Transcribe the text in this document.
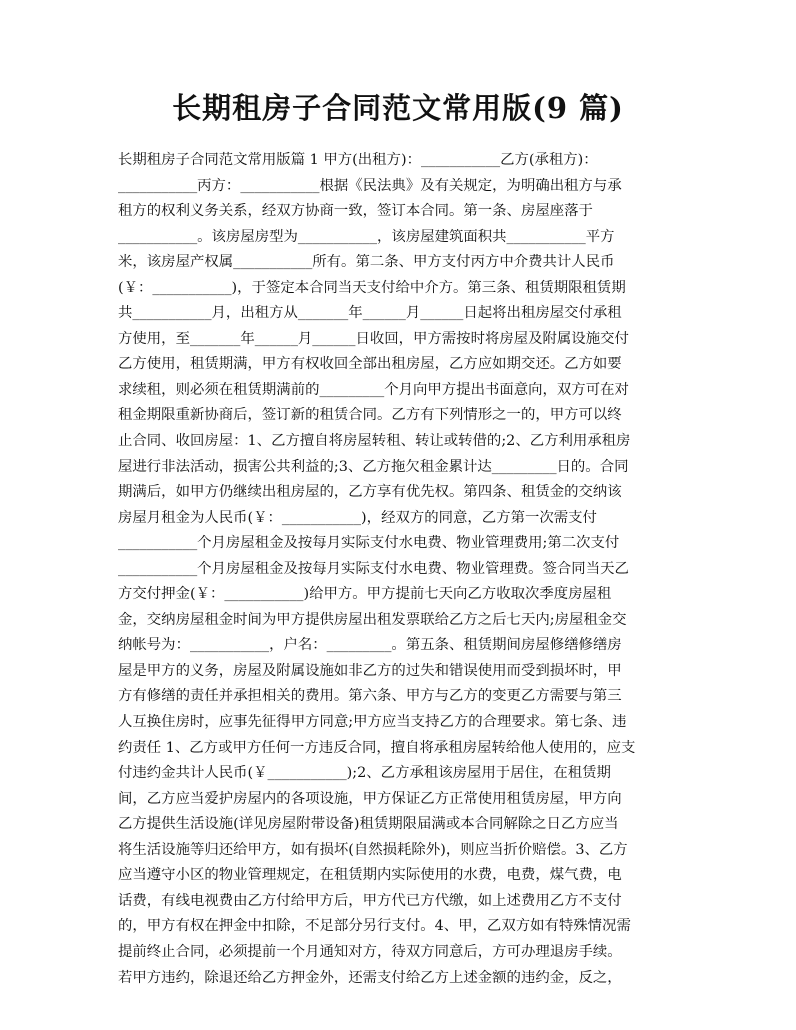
长期租房子合同范文常用版(9 篇)
长期租房子合同范文常用版篇 1 甲方(出租方)：___________乙方(承租方)：
___________丙方：___________根据《民法典》及有关规定，为明确出租方与承
租方的权利义务关系，经双方协商一致，签订本合同。第一条、房屋座落于
___________。该房屋房型为___________，该房屋建筑面积共___________平方
米，该房屋产权属___________所有。第二条、甲方支付丙方中介费共计人民币
(￥：___________)，于签定本合同当天支付给中介方。第三条、租赁期限租赁期
共___________月，出租方从_______年______月______日起将出租房屋交付承租
方使用，至_______年______月______日收回，甲方需按时将房屋及附属设施交付
乙方使用，租赁期满，甲方有权收回全部出租房屋，乙方应如期交还。乙方如要
求续租，则必须在租赁期满前的_________个月向甲方提出书面意向，双方可在对
租金期限重新协商后，签订新的租赁合同。乙方有下列情形之一的，甲方可以终
止合同、收回房屋：1、乙方擅自将房屋转租、转让或转借的;2、乙方利用承租房
屋进行非法活动，损害公共利益的;3、乙方拖欠租金累计达_________日的。合同
期满后，如甲方仍继续出租房屋的，乙方享有优先权。第四条、租赁金的交纳该
房屋月租金为人民币(￥：___________)，经双方的同意，乙方第一次需支付
___________个月房屋租金及按每月实际支付水电费、物业管理费用;第二次支付
___________个月房屋租金及按每月实际支付水电费、物业管理费。签合同当天乙
方交付押金(￥：___________)给甲方。甲方提前七天向乙方收取次季度房屋租
金，交纳房屋租金时间为甲方提供房屋出租发票联给乙方之后七天内;房屋租金交
纳帐号为：___________，户名：_________。第五条、租赁期间房屋修缮修缮房
屋是甲方的义务，房屋及附属设施如非乙方的过失和错误使用而受到损坏时，甲
方有修缮的责任并承担相关的费用。第六条、甲方与乙方的变更乙方需要与第三
人互换住房时，应事先征得甲方同意;甲方应当支持乙方的合理要求。第七条、违
约责任 1、乙方或甲方任何一方违反合同，擅自将承租房屋转给他人使用的，应支
付违约金共计人民币(￥___________);2、乙方承租该房屋用于居住，在租赁期
间，乙方应当爱护房屋内的各项设施，甲方保证乙方正常使用租赁房屋，甲方向
乙方提供生活设施(详见房屋附带设备)租赁期限届满或本合同解除之日乙方应当
将生活设施等归还给甲方，如有损坏(自然损耗除外)，则应当折价赔偿。3、乙方
应当遵守小区的物业管理规定，在租赁期内实际使用的水费，电费，煤气费，电
话费，有线电视费由乙方付给甲方后，甲方代已方代缴，如上述费用乙方不支付
的，甲方有权在押金中扣除，不足部分另行支付。4、甲，乙双方如有特殊情况需
提前终止合同，必须提前一个月通知对方，待双方同意后，方可办理退房手续。
若甲方违约，除退还给乙方押金外，还需支付给乙方上述金额的违约金，反之，
